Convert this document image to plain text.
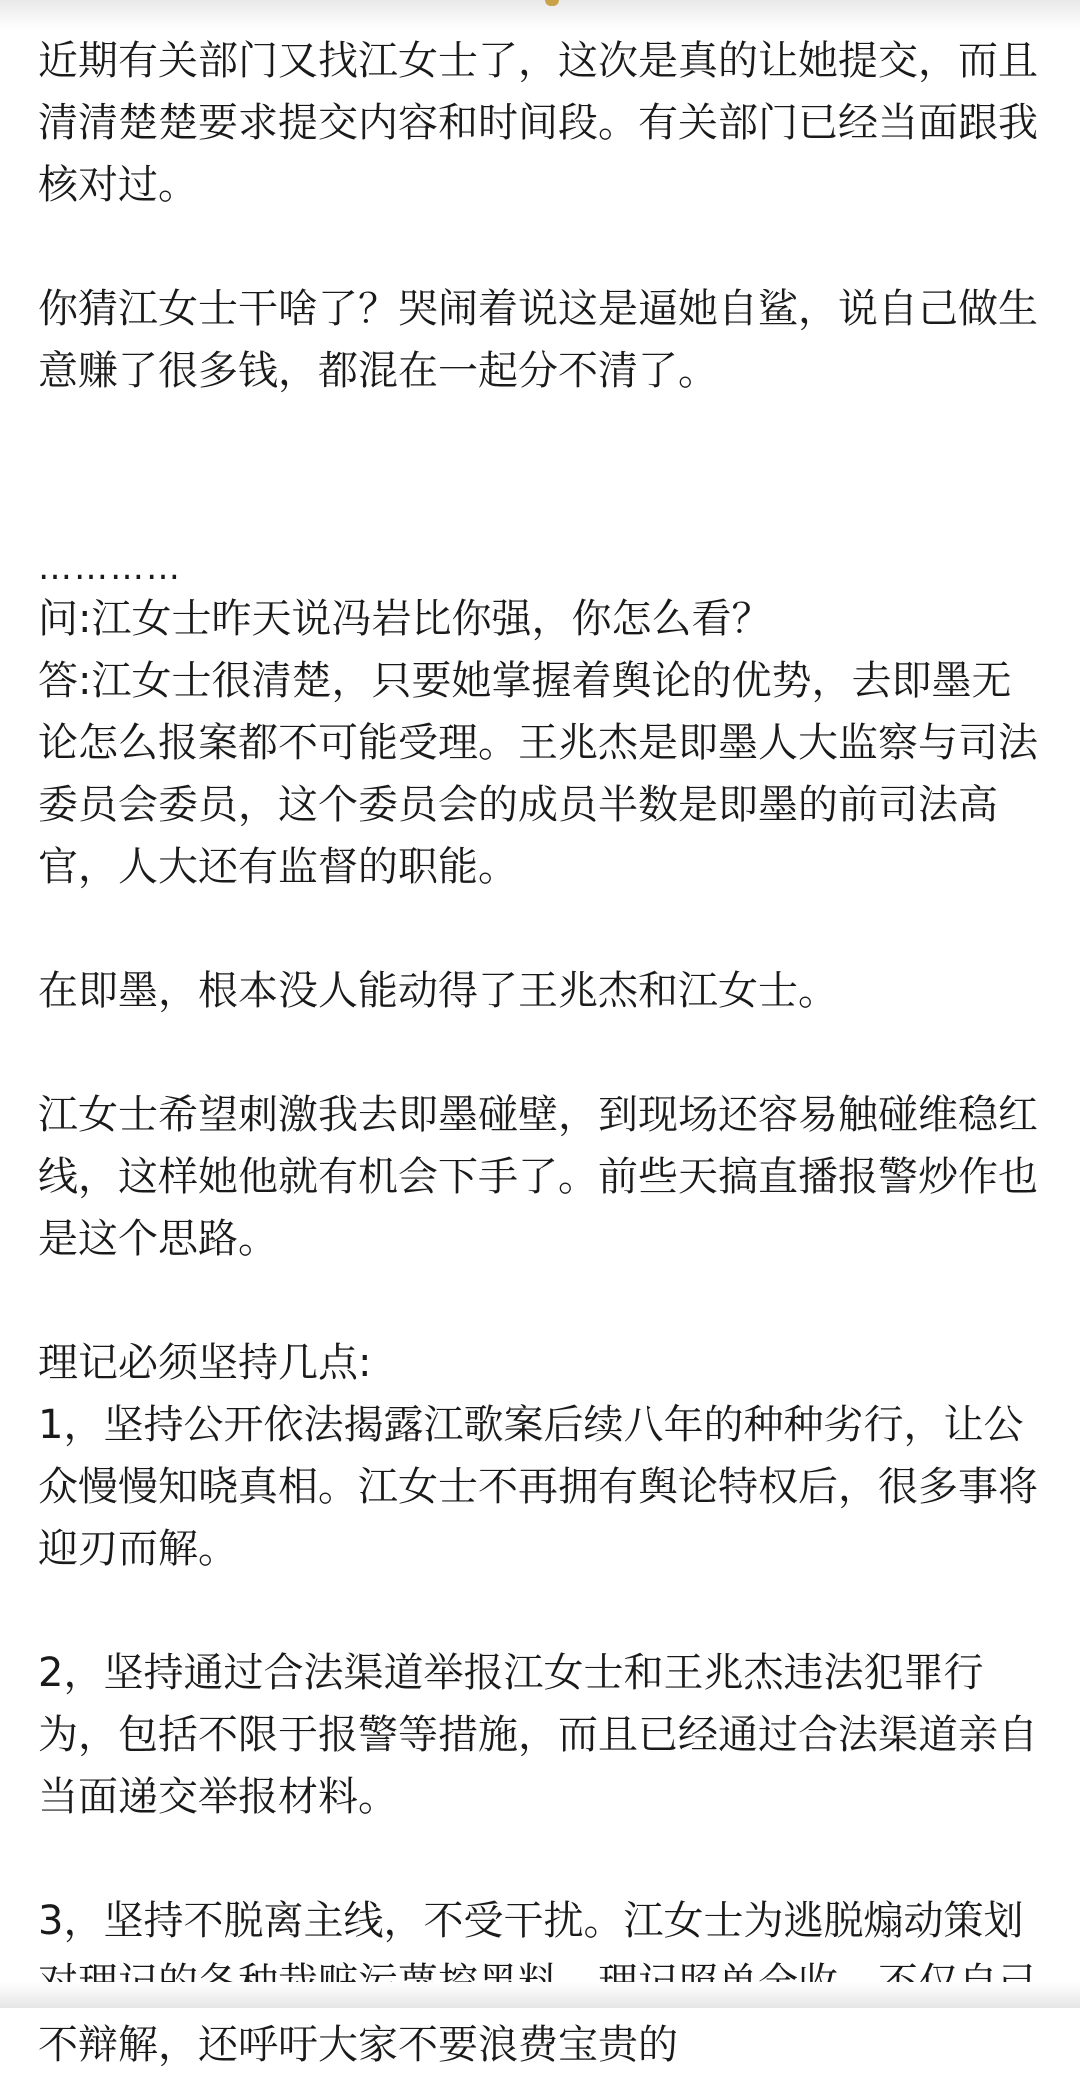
近期有关部门又找江女士了，这次是真的让她提交，而且清清楚楚要求提交内容和时间段。有关部门已经当面跟我核对过。

你猜江女士干啥了？哭闹着说这是逼她自鲨，说自己做生意赚了很多钱，都混在一起分不清了。

…………

问:江女士昨天说冯岩比你强，你怎么看？
答:江女士很清楚，只要她掌握着舆论的优势，去即墨无论怎么报案都不可能受理。王兆杰是即墨人大监察与司法委员会委员，这个委员会的成员半数是即墨的前司法高官，人大还有监督的职能。

在即墨，根本没人能动得了王兆杰和江女士。

江女士希望刺激我去即墨碰壁，到现场还容易触碰维稳红线，这样她他就有机会下手了。前些天搞直播报警炒作也是这个思路。

理记必须坚持几点:
1，坚持公开依法揭露江歌案后续八年的种种劣行，让公众慢慢知晓真相。江女士不再拥有舆论特权后，很多事将迎刃而解。

2，坚持通过合法渠道举报江女士和王兆杰违法犯罪行为，包括不限于报警等措施，而且已经通过合法渠道亲自当面递交举报材料。

3，坚持不脱离主线，不受干扰。江女士为逃脱煽动策划 不辩解，还呼吁大家不要浪费宝贵的
